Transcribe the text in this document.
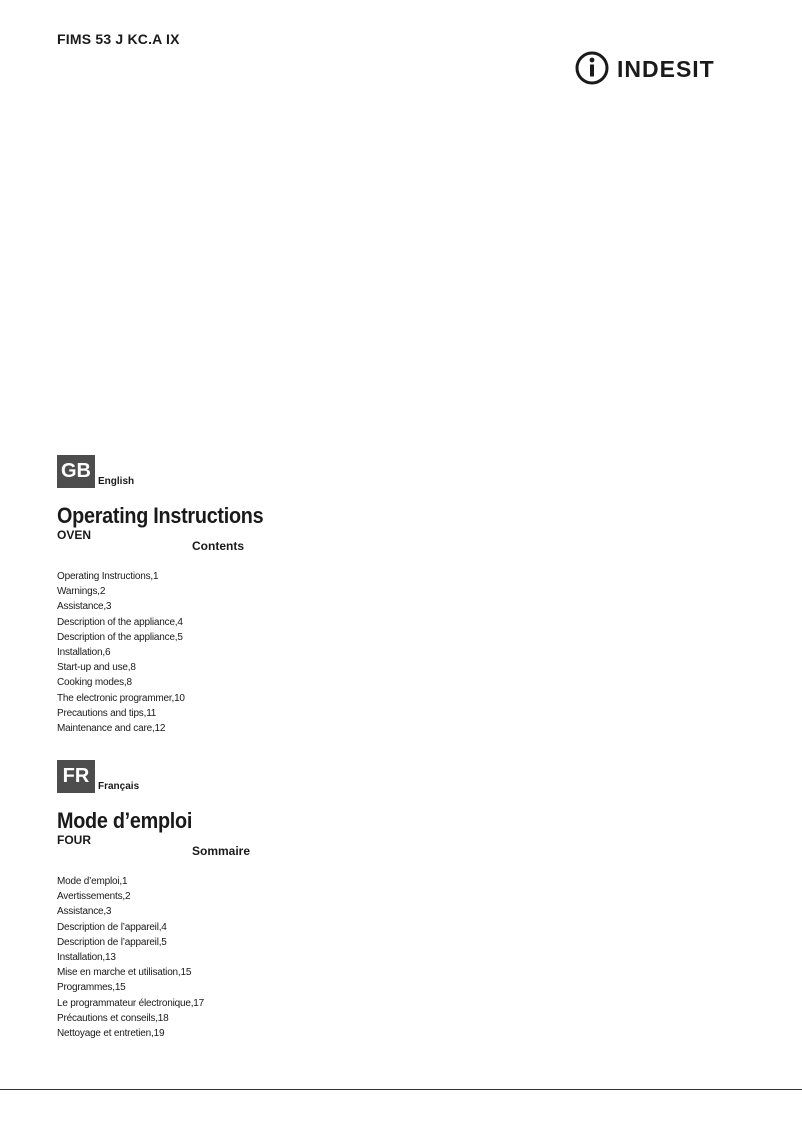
FIMS 53 J KC.A IX
INDESIT
GB English
Operating Instructions
OVEN
Contents
Operating Instructions,1
Warnings,2
Assistance,3
Description of the appliance,4
Description of the appliance,5
Installation,6
Start-up and use,8
Cooking modes,8
The electronic programmer,10
Precautions and tips,11
Maintenance and care,12
FR Français
Mode d’emploi
FOUR
Sommaire
Mode d’emploi,1
Avertissements,2
Assistance,3
Description de l’appareil,4
Description de l’appareil,5
Installation,13
Mise en marche et utilisation,15
Programmes,15
Le programmateur électronique,17
Précautions et conseils,18
Nettoyage et entretien,19
